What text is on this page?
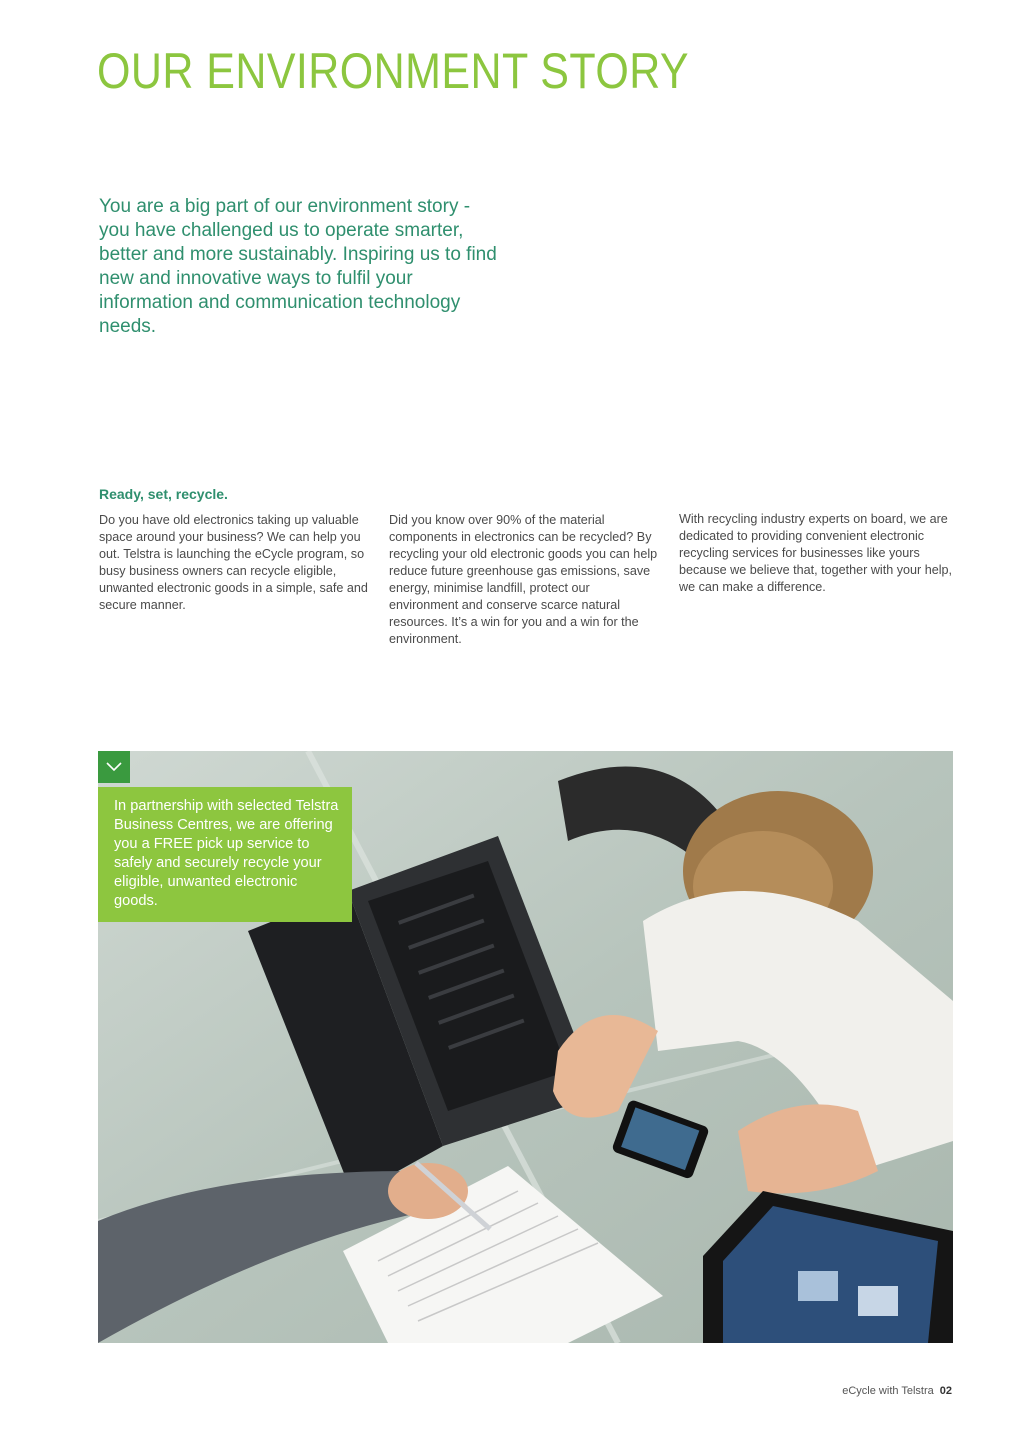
OUR ENVIRONMENT STORY

You are a big part of our environment story - you have challenged us to operate smarter, better and more sustainably. Inspiring us to find new and innovative ways to fulfil your information and communication technology needs.

Ready, set, recycle.

Do you have old electronics taking up valuable space around your business? We can help you out. Telstra is launching the eCycle program, so busy business owners can recycle eligible, unwanted electronic goods in a simple, safe and secure manner.

Did you know over 90% of the material components in electronics can be recycled? By recycling your old electronic goods you can help reduce future greenhouse gas emissions, save energy, minimise landfill, protect our environment and conserve scarce natural resources. It’s a win for you and a win for the environment.

With recycling industry experts on board, we are dedicated to providing convenient electronic recycling services for businesses like yours because we believe that, together with your help, we can make a difference.

In partnership with selected Telstra Business Centres, we are offering you a FREE pick up service to safely and securely recycle your eligible, unwanted electronic goods.

eCycle with Telstra 02
